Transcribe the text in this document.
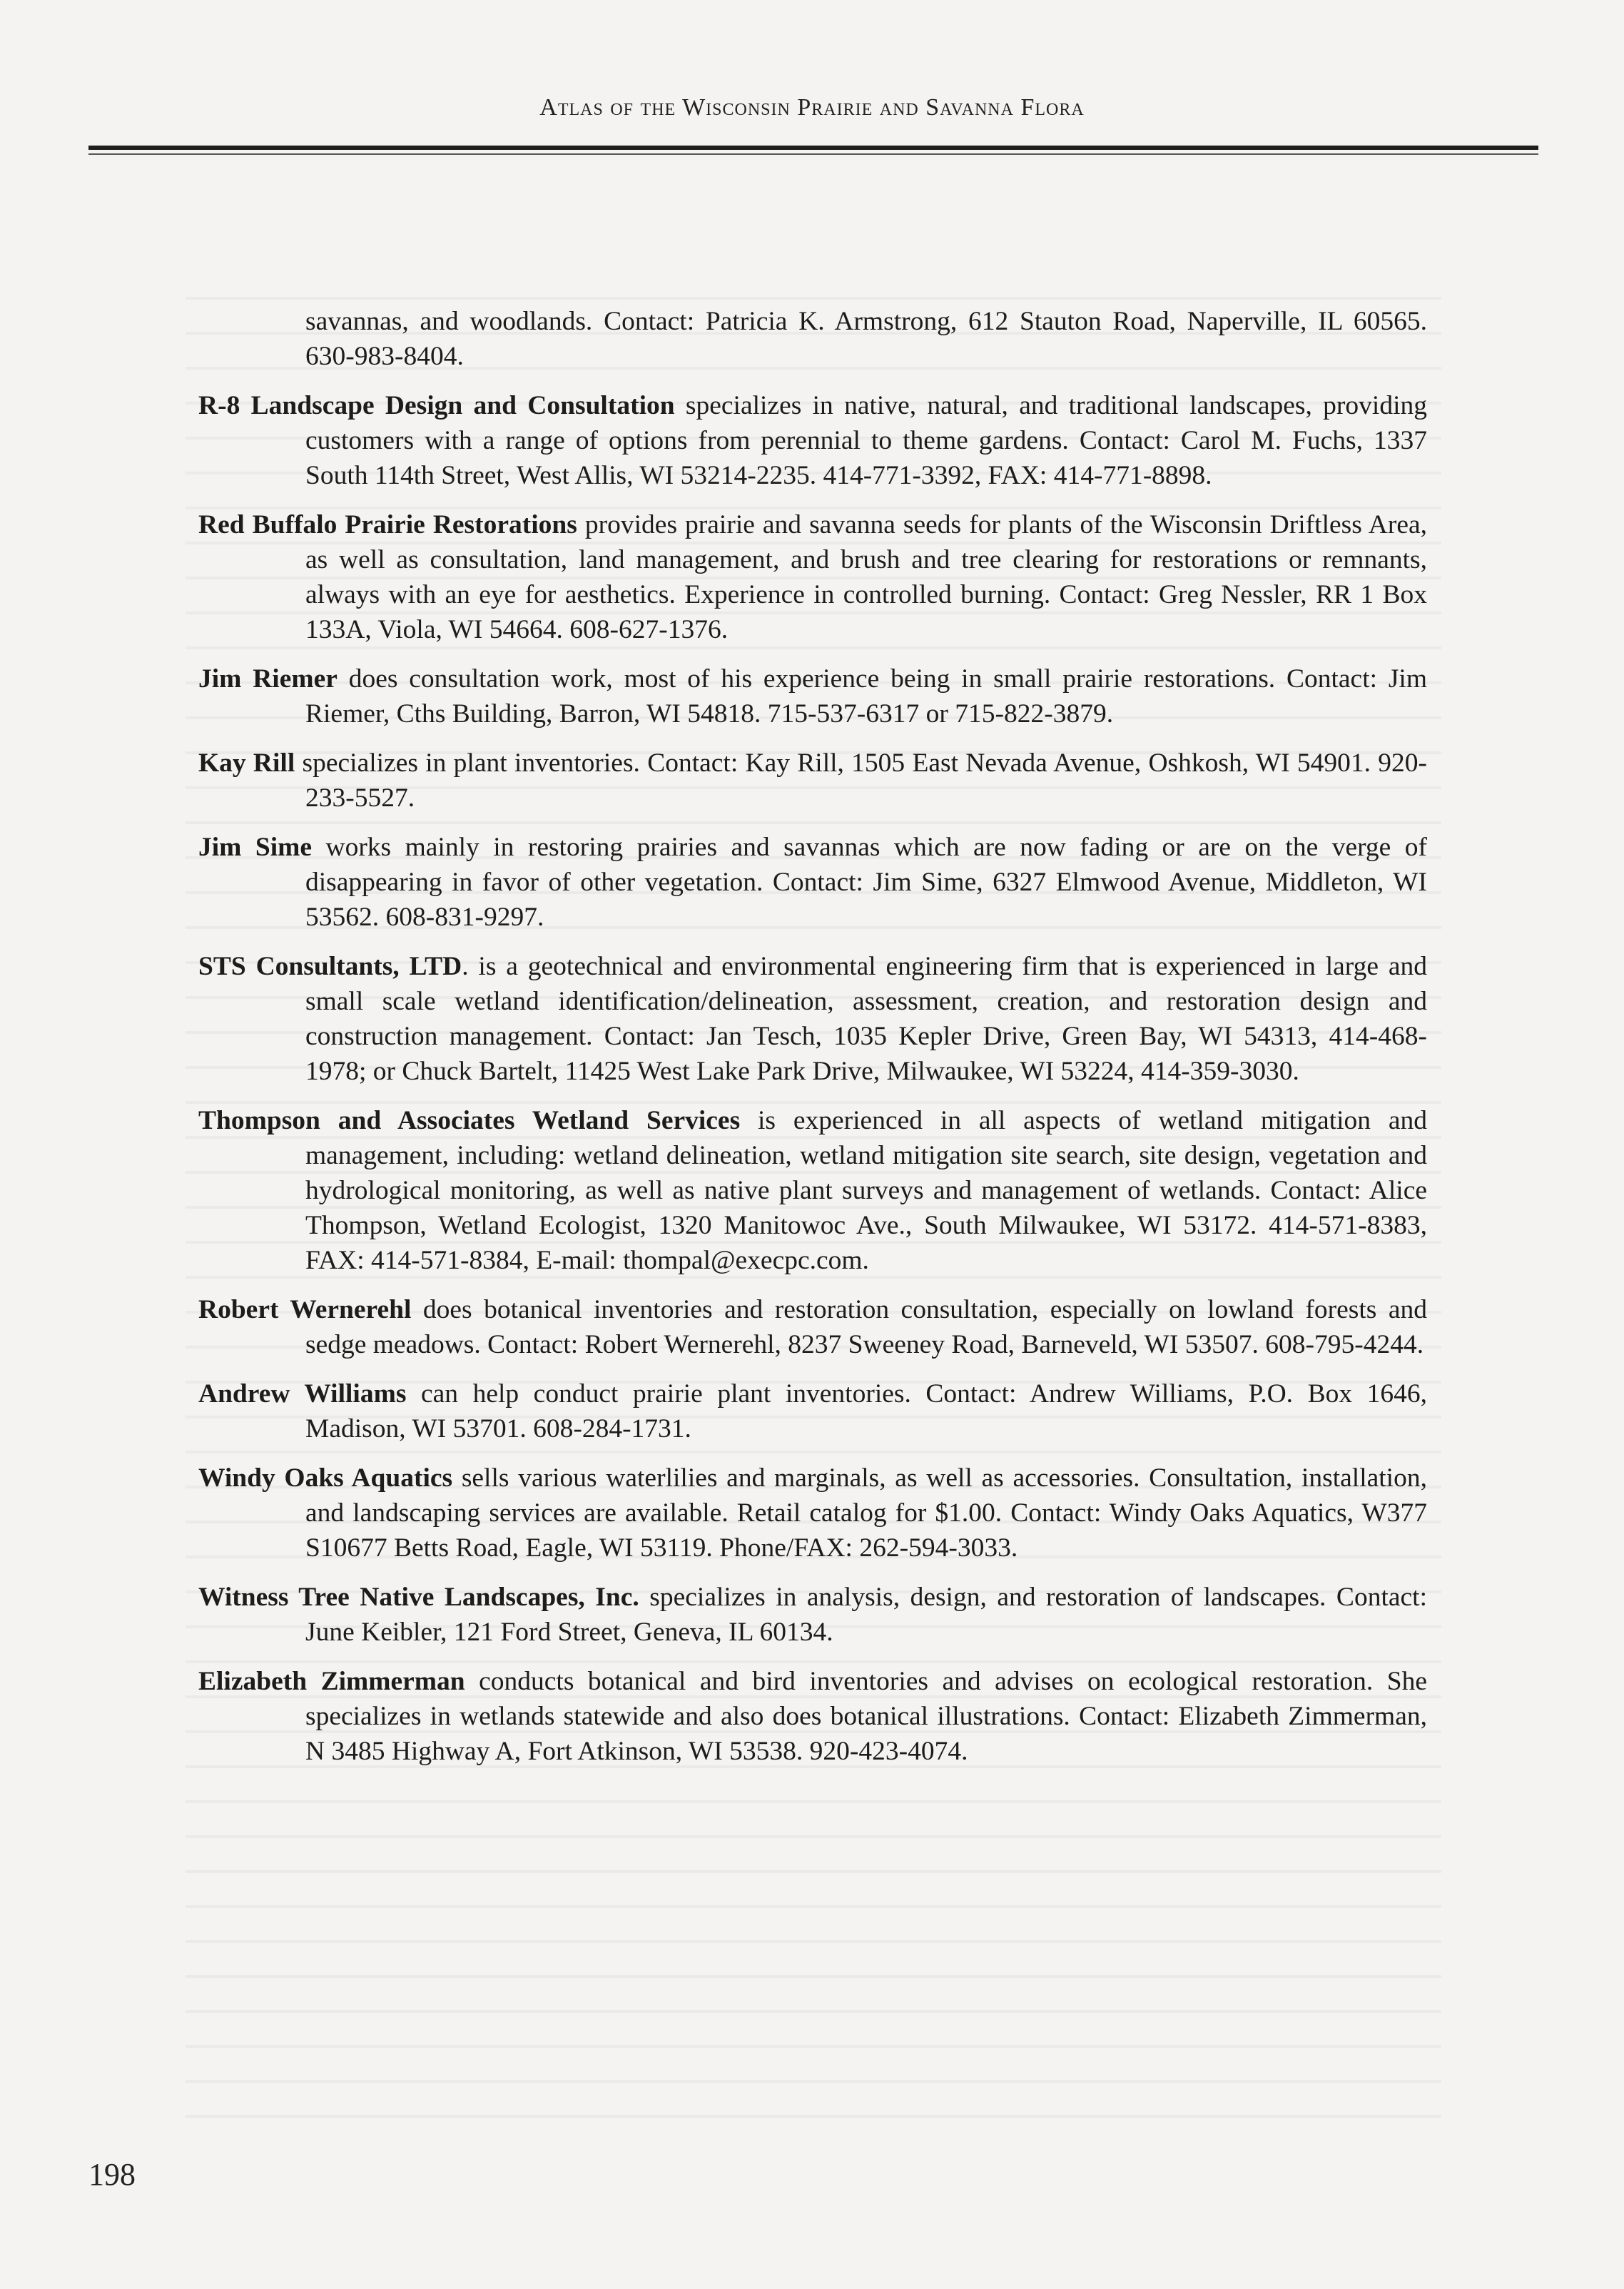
Atlas of the Wisconsin Prairie and Savanna Flora

savannas, and woodlands. Contact: Patricia K. Armstrong, 612 Stauton Road, Naperville, IL 60565. 630-983-8404.

R-8 Landscape Design and Consultation specializes in native, natural, and traditional landscapes, providing customers with a range of options from perennial to theme gardens. Contact: Carol M. Fuchs, 1337 South 114th Street, West Allis, WI 53214-2235. 414-771-3392, FAX: 414-771-8898.

Red Buffalo Prairie Restorations provides prairie and savanna seeds for plants of the Wisconsin Driftless Area, as well as consultation, land management, and brush and tree clearing for restorations or remnants, always with an eye for aesthetics. Experience in controlled burning. Contact: Greg Nessler, RR 1 Box 133A, Viola, WI 54664. 608-627-1376.

Jim Riemer does consultation work, most of his experience being in small prairie restorations. Contact: Jim Riemer, Cths Building, Barron, WI 54818. 715-537-6317 or 715-822-3879.

Kay Rill specializes in plant inventories. Contact: Kay Rill, 1505 East Nevada Avenue, Oshkosh, WI 54901. 920-233-5527.

Jim Sime works mainly in restoring prairies and savannas which are now fading or are on the verge of disappearing in favor of other vegetation. Contact: Jim Sime, 6327 Elmwood Avenue, Middleton, WI 53562. 608-831-9297.

STS Consultants, LTD. is a geotechnical and environmental engineering firm that is experienced in large and small scale wetland identification/delineation, assessment, creation, and restoration design and construction management. Contact: Jan Tesch, 1035 Kepler Drive, Green Bay, WI 54313, 414-468-1978; or Chuck Bartelt, 11425 West Lake Park Drive, Milwaukee, WI 53224, 414-359-3030.

Thompson and Associates Wetland Services is experienced in all aspects of wetland mitigation and management, including: wetland delineation, wetland mitigation site search, site design, vegetation and hydrological monitoring, as well as native plant surveys and management of wetlands. Contact: Alice Thompson, Wetland Ecologist, 1320 Manitowoc Ave., South Milwaukee, WI 53172. 414-571-8383, FAX: 414-571-8384, E-mail: thompal@execpc.com.

Robert Wernerehl does botanical inventories and restoration consultation, especially on lowland forests and sedge meadows. Contact: Robert Wernerehl, 8237 Sweeney Road, Barneveld, WI 53507. 608-795-4244.

Andrew Williams can help conduct prairie plant inventories. Contact: Andrew Williams, P.O. Box 1646, Madison, WI 53701. 608-284-1731.

Windy Oaks Aquatics sells various waterlilies and marginals, as well as accessories. Consultation, installation, and landscaping services are available. Retail catalog for $1.00. Contact: Windy Oaks Aquatics, W377 S10677 Betts Road, Eagle, WI 53119. Phone/FAX: 262-594-3033.

Witness Tree Native Landscapes, Inc. specializes in analysis, design, and restoration of landscapes. Contact: June Keibler, 121 Ford Street, Geneva, IL 60134.

Elizabeth Zimmerman conducts botanical and bird inventories and advises on ecological restoration. She specializes in wetlands statewide and also does botanical illustrations. Contact: Elizabeth Zimmerman, N 3485 Highway A, Fort Atkinson, WI 53538. 920-423-4074.

198
